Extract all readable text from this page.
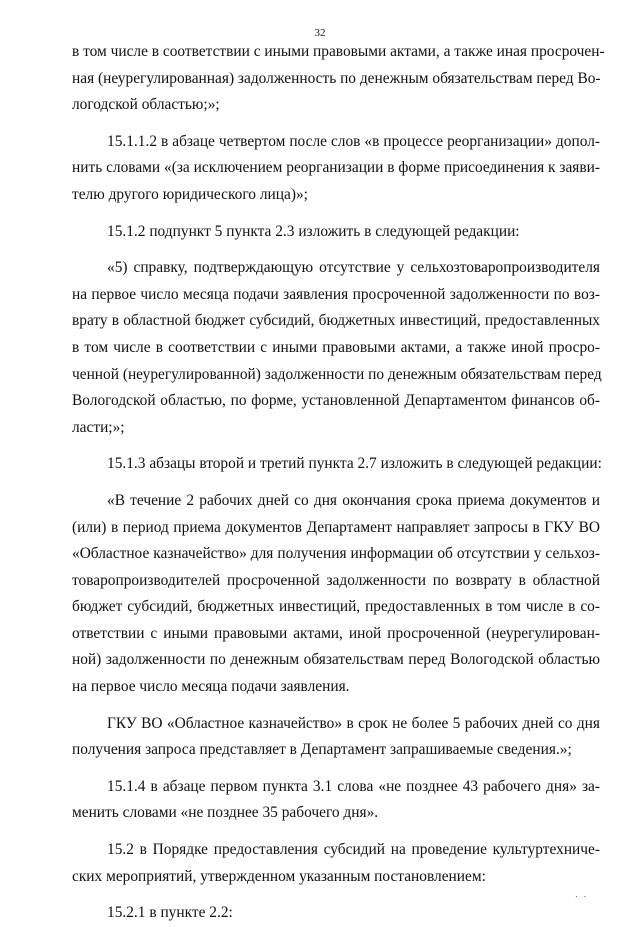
32
в том числе в соответствии с иными правовыми актами, а также иная просрочен-
ная (неурегулированная) задолженность по денежным обязательствам перед Во-
логодской областью;»;
15.1.1.2 в абзаце четвертом после слов «в процессе реорганизации» допол-
нить словами «(за исключением реорганизации в форме присоединения к заяви-
телю другого юридического лица)»;
15.1.2 подпункт 5 пункта 2.3 изложить в следующей редакции:
«5) справку, подтверждающую отсутствие у сельхозтоваропроизводителя
на первое число месяца подачи заявления просроченной задолженности по воз-
врату в областной бюджет субсидий, бюджетных инвестиций, предоставленных
в том числе в соответствии с иными правовыми актами, а также иной просро-
ченной (неурегулированной) задолженности по денежным обязательствам перед
Вологодской областью, по форме, установленной Департаментом финансов об-
ласти;»;
15.1.3 абзацы второй и третий пункта 2.7 изложить в следующей редакции:
«В течение 2 рабочих дней со дня окончания срока приема документов и
(или) в период приема документов Департамент направляет запросы в ГКУ ВО
«Областное казначейство» для получения информации об отсутствии у сельхоз-
товаропроизводителей просроченной задолженности по возврату в областной
бюджет субсидий, бюджетных инвестиций, предоставленных в том числе в со-
ответствии с иными правовыми актами, иной просроченной (неурегулирован-
ной) задолженности по денежным обязательствам перед Вологодской областью
на первое число месяца подачи заявления.
ГКУ ВО «Областное казначейство» в срок не более 5 рабочих дней со дня
получения запроса представляет в Департамент запрашиваемые сведения.»;
15.1.4 в абзаце первом пункта 3.1 слова «не позднее 43 рабочего дня» за-
менить словами «не позднее 35 рабочего дня».
15.2 в Порядке предоставления субсидий на проведение культуртехниче-
ских мероприятий, утвержденном указанным постановлением:
15.2.1 в пункте 2.2:
. .
